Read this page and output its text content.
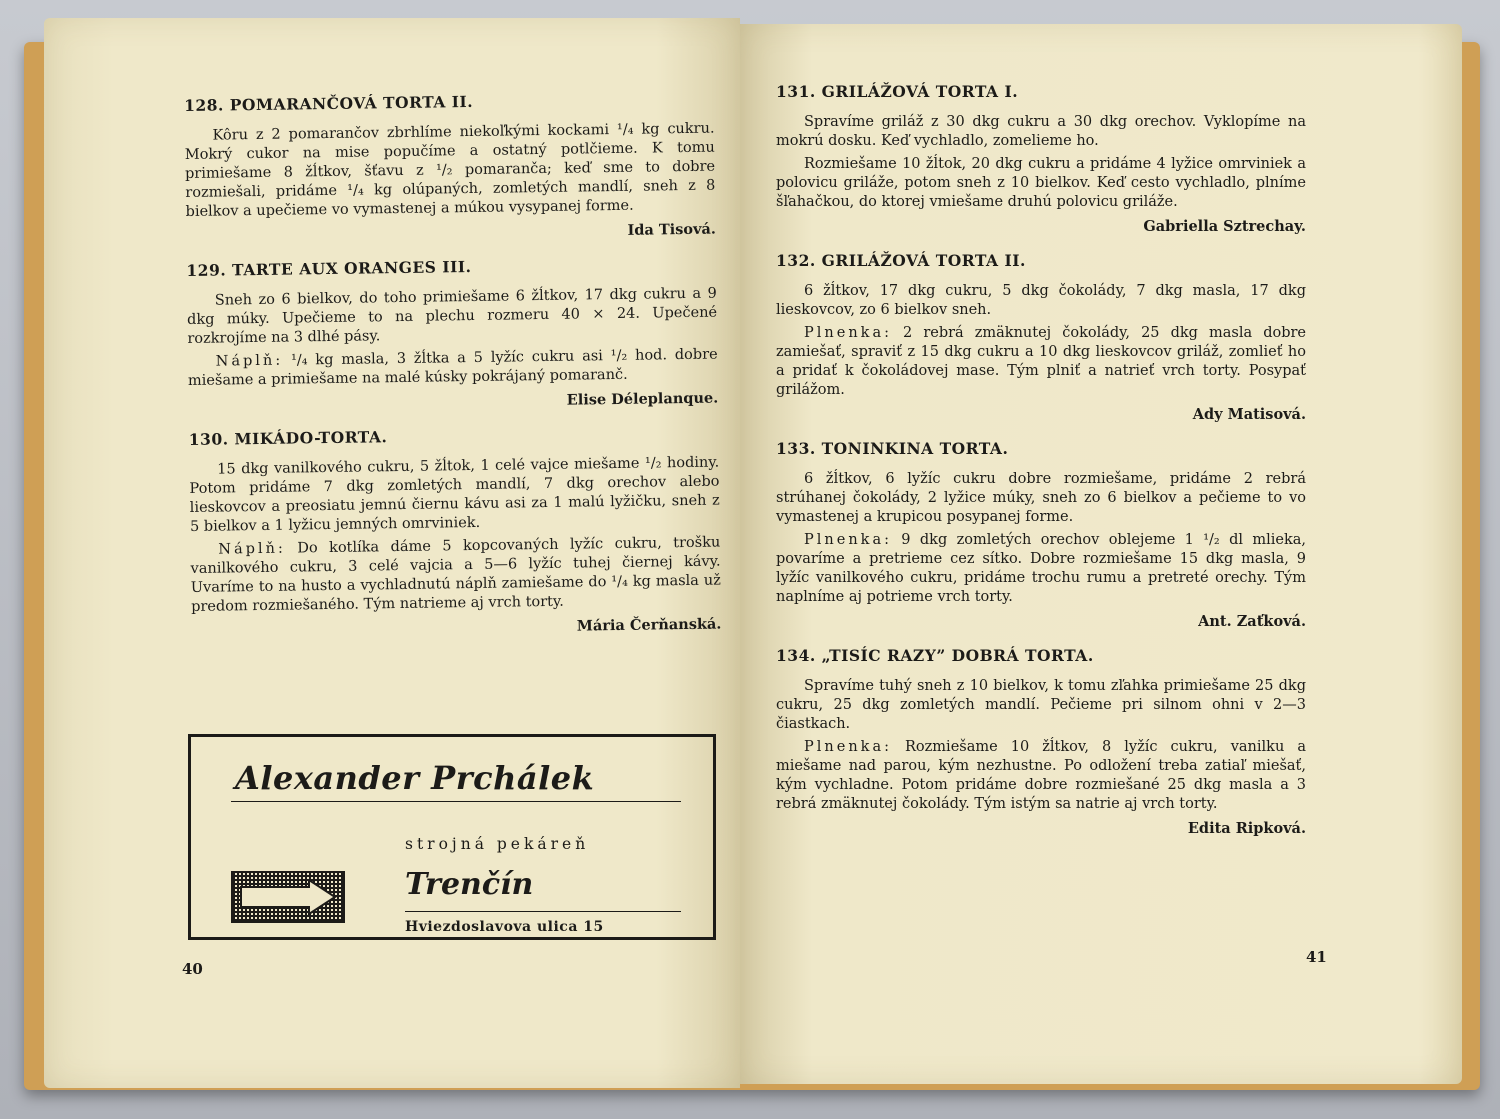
128. POMARANČOVÁ TORTA II.

Kôru z 2 pomarančov zbrhlíme niekoľkými kockami ¹/₄ kg cukru. Mokrý cukor na mise popučíme a ostatný potlčieme. K tomu primiešame 8 žĺtkov, šťavu z ¹/₂ pomaranča; keď sme to dobre rozmiešali, pridáme ¹/₄ kg olúpaných, zomletých mandlí, sneh z 8 bielkov a upečieme vo vymastenej a múkou vysypanej forme.

Ida Tisová.
129. TARTE AUX ORANGES III.

Sneh zo 6 bielkov, do toho primiešame 6 žĺtkov, 17 dkg cukru a 9 dkg múky. Upečieme to na plechu rozmeru 40 × 24. Upečené rozkrojíme na 3 dlhé pásy.

Náplň: ¹/₄ kg masla, 3 žĺtka a 5 lyžíc cukru asi ¹/₂ hod. dobre miešame a primiešame na malé kúsky pokrájaný pomaranč.

Elise Déleplanque.
130. MIKÁDO-TORTA.

15 dkg vanilkového cukru, 5 žĺtok, 1 celé vajce miešame ¹/₂ hodiny. Potom pridáme 7 dkg zomletých mandlí, 7 dkg orechov alebo lieskovcov a preosiatu jemnú čiernu kávu asi za 1 malú lyžičku, sneh z 5 bielkov a 1 lyžicu jemných omrviniek.

Náplň: Do kotlíka dáme 5 kopcovaných lyžíc cukru, trošku vanilkového cukru, 3 celé vajcia a 5—6 lyžíc tuhej čiernej kávy. Uvaríme to na husto a vychladnutú náplň zamiešame do ¹/₄ kg masla už predom rozmiešaného. Tým natrieme aj vrch torty.

Mária Čerňanská.
Alexander Prchálek
strojná pekáreň
Trenčín
Hviezdoslavova ulica 15
40
131. GRILÁŽOVÁ TORTA I.

Spravíme griláž z 30 dkg cukru a 30 dkg orechov. Vyklopíme na mokrú dosku. Keď vychladlo, zomelieme ho.

Rozmiešame 10 žĺtok, 20 dkg cukru a pridáme 4 lyžice omrviniek a polovicu griláže, potom sneh z 10 bielkov. Keď cesto vychladlo, plníme šľahačkou, do ktorej vmiešame druhú polovicu griláže.

Gabriella Sztrechay.
132. GRILÁŽOVÁ TORTA II.

6 žĺtkov, 17 dkg cukru, 5 dkg čokolády, 7 dkg masla, 17 dkg lieskovcov, zo 6 bielkov sneh.

Plnenka: 2 rebrá zmäknutej čokolády, 25 dkg masla dobre zamiešať, spraviť z 15 dkg cukru a 10 dkg lieskovcov griláž, zomlieť ho a pridať k čokoládovej mase. Tým plniť a natrieť vrch torty. Posypať grilážom.

Ady Matisová.
133. TONINKINA TORTA.

6 žĺtkov, 6 lyžíc cukru dobre rozmiešame, pridáme 2 rebrá strúhanej čokolády, 2 lyžice múky, sneh zo 6 bielkov a pečieme to vo vymastenej a krupicou posypanej forme.

Plnenka: 9 dkg zomletých orechov oblejeme 1 ¹/₂ dl mlieka, povaríme a pretrieme cez sítko. Dobre rozmiešame 15 dkg masla, 9 lyžíc vanilkového cukru, pridáme trochu rumu a pretreté orechy. Tým naplníme aj potrieme vrch torty.

Ant. Zaťková.
134. „TISÍC RAZY” DOBRÁ TORTA.

Spravíme tuhý sneh z 10 bielkov, k tomu zľahka primiešame 25 dkg cukru, 25 dkg zomletých mandlí. Pečieme pri silnom ohni v 2—3 čiastkach.

Plnenka: Rozmiešame 10 žĺtkov, 8 lyžíc cukru, vanilku a miešame nad parou, kým nezhustne. Po odložení treba zatiaľ miešať, kým vychladne. Potom pridáme dobre rozmiešané 25 dkg masla a 3 rebrá zmäknutej čokolády. Tým istým sa natrie aj vrch torty.

Edita Ripková.
41
